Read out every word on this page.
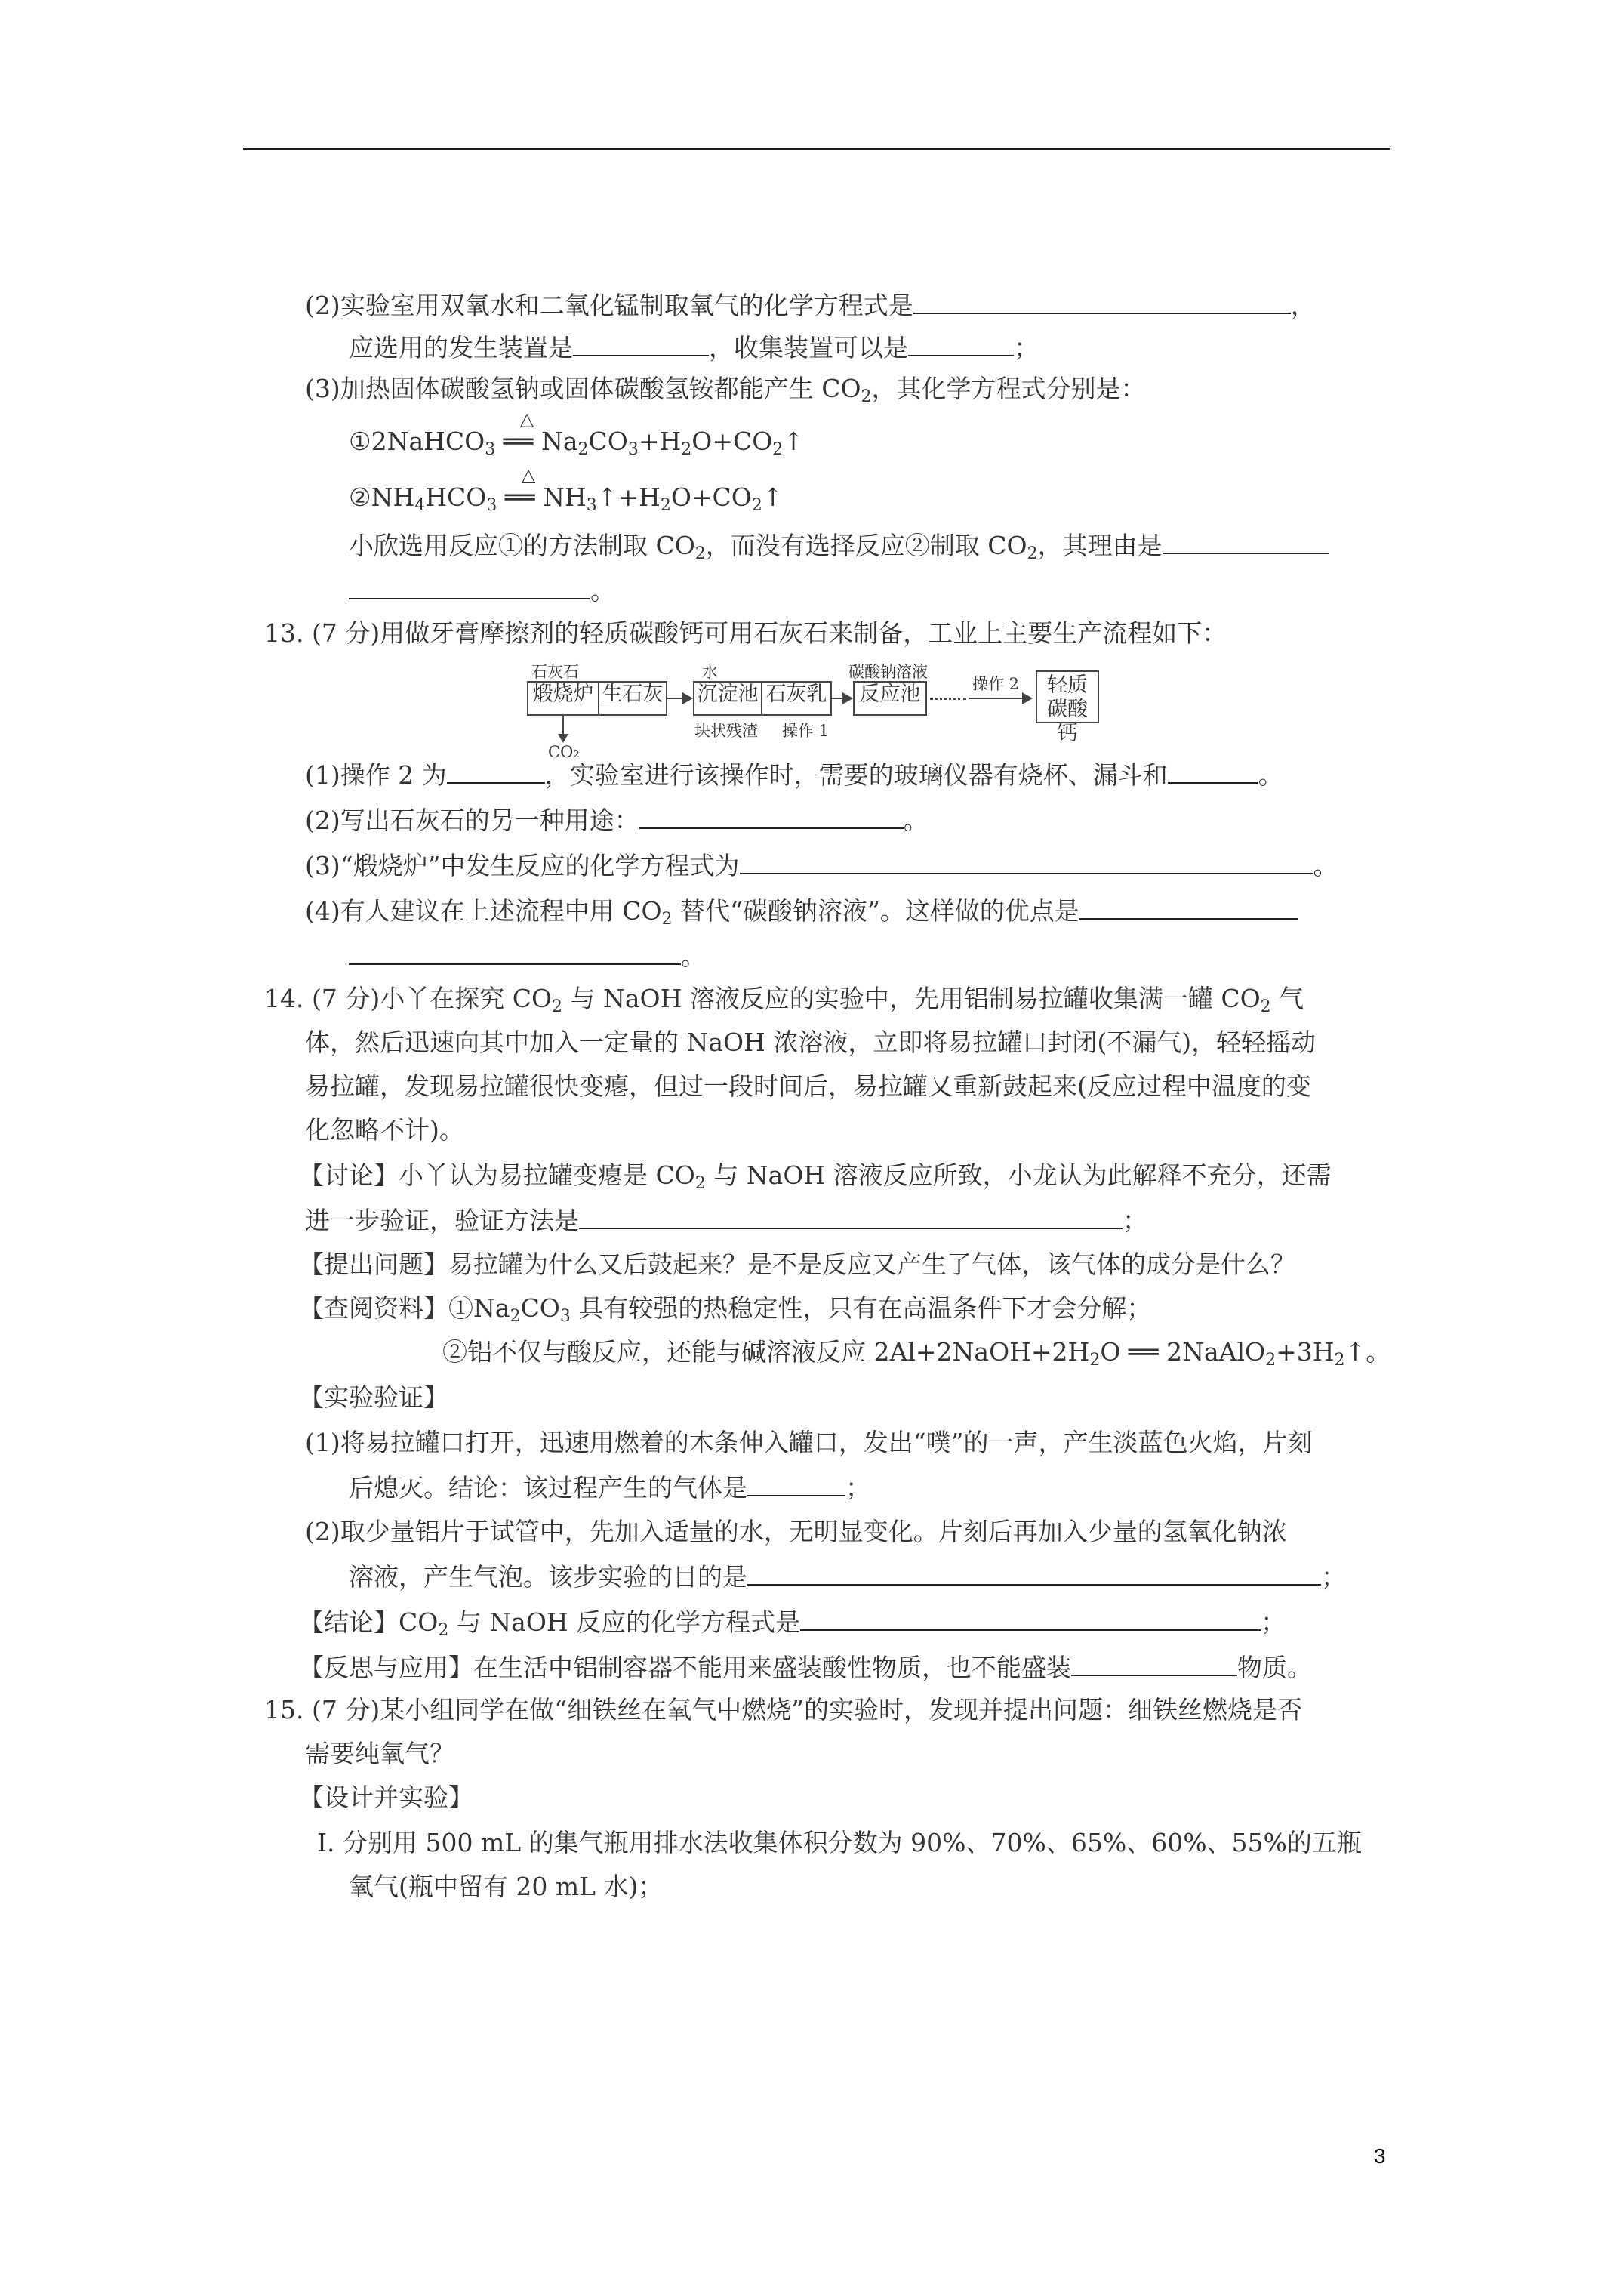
(2)实验室用双氧水和二氧化锰制取氧气的化学方程式是	，
应选用的发生装置是	，收集装置可以是	；
(3)加热固体碳酸氢钠或固体碳酸氢铵都能产生 $CO_2$，其化学方程式分别是：
①2NaHCO$_3$
△
══ $Na_2CO_3+H_2O+CO_2↑$
$②NH_4HCO_3$
△
══ $NH_3↑+H_2O+CO_2↑$
小欣选用反应①的方法制取 $CO_2$，而没有选择反应②制取 $CO_2$，其理由是
。
13. (7 分)用做牙膏摩擦剂的轻质碳酸钙可用石灰石来制备，工业上主要生产流程如下：
石灰石
煅烧炉
CO₂
生石灰
水
沉淀池
块状残渣
石灰乳
操作 1
碳酸钠溶液
反应池	操作 2	轻质
碳酸钙
(1)操作 2 为	，实验室进行该操作时，需要的玻璃仪器有烧杯、漏斗和	。
(2)写出石灰石的另一种用途：	。
(3)“煅烧炉”中发生反应的化学方程式为	。
(4)有人建议在上述流程中用 $CO_2$ 替代“碳酸钠溶液”。这样做的优点是
。
14. (7 分)小丫在探究 $CO_2$ 与 NaOH 溶液反应的实验中，先用铝制易拉罐收集满一罐 $CO_2$ 气
体，然后迅速向其中加入一定量的 NaOH 浓溶液，立即将易拉罐口封闭(不漏气)，轻轻摇动
易拉罐，发现易拉罐很快变瘪，但过一段时间后，易拉罐又重新鼓起来(反应过程中温度的变
化忽略不计)。
【讨论】小丫认为易拉罐变瘪是 $CO_2$ 与 NaOH 溶液反应所致，小龙认为此解释不充分，还需
进一步验证，验证方法是	；
【提出问题】易拉罐为什么又后鼓起来？是不是反应又产生了气体，该气体的成分是什么？
【查阅资料】$①Na_2CO_3$ 具有较强的热稳定性，只有在高温条件下才会分解；
②铝不仅与酸反应，还能与碱溶液反应 $2Al+2NaOH+2H_2O$ ══ $2NaAlO_2+3H_2↑$。
【实验验证】
(1)将易拉罐口打开，迅速用燃着的木条伸入罐口，发出“噗”的一声，产生淡蓝色火焰，片刻
后熄灭。结论：该过程产生的气体是	；
(2)取少量铝片于试管中，先加入适量的水，无明显变化。片刻后再加入少量的氢氧化钠浓
溶液，产生气泡。该步实验的目的是	；
【结论】$CO_2$ 与 NaOH 反应的化学方程式是	；
【反思与应用】在生活中铝制容器不能用来盛装酸性物质，也不能盛装	物质。
15. (7 分)某小组同学在做“细铁丝在氧气中燃烧”的实验时，发现并提出问题：细铁丝燃烧是否
需要纯氧气？
【设计并实验】
Ⅰ. 分别用 500 mL 的集气瓶用排水法收集体积分数为 90%、70%、65%、60%、55%的五瓶
氧气(瓶中留有 20 mL 水)；
3
